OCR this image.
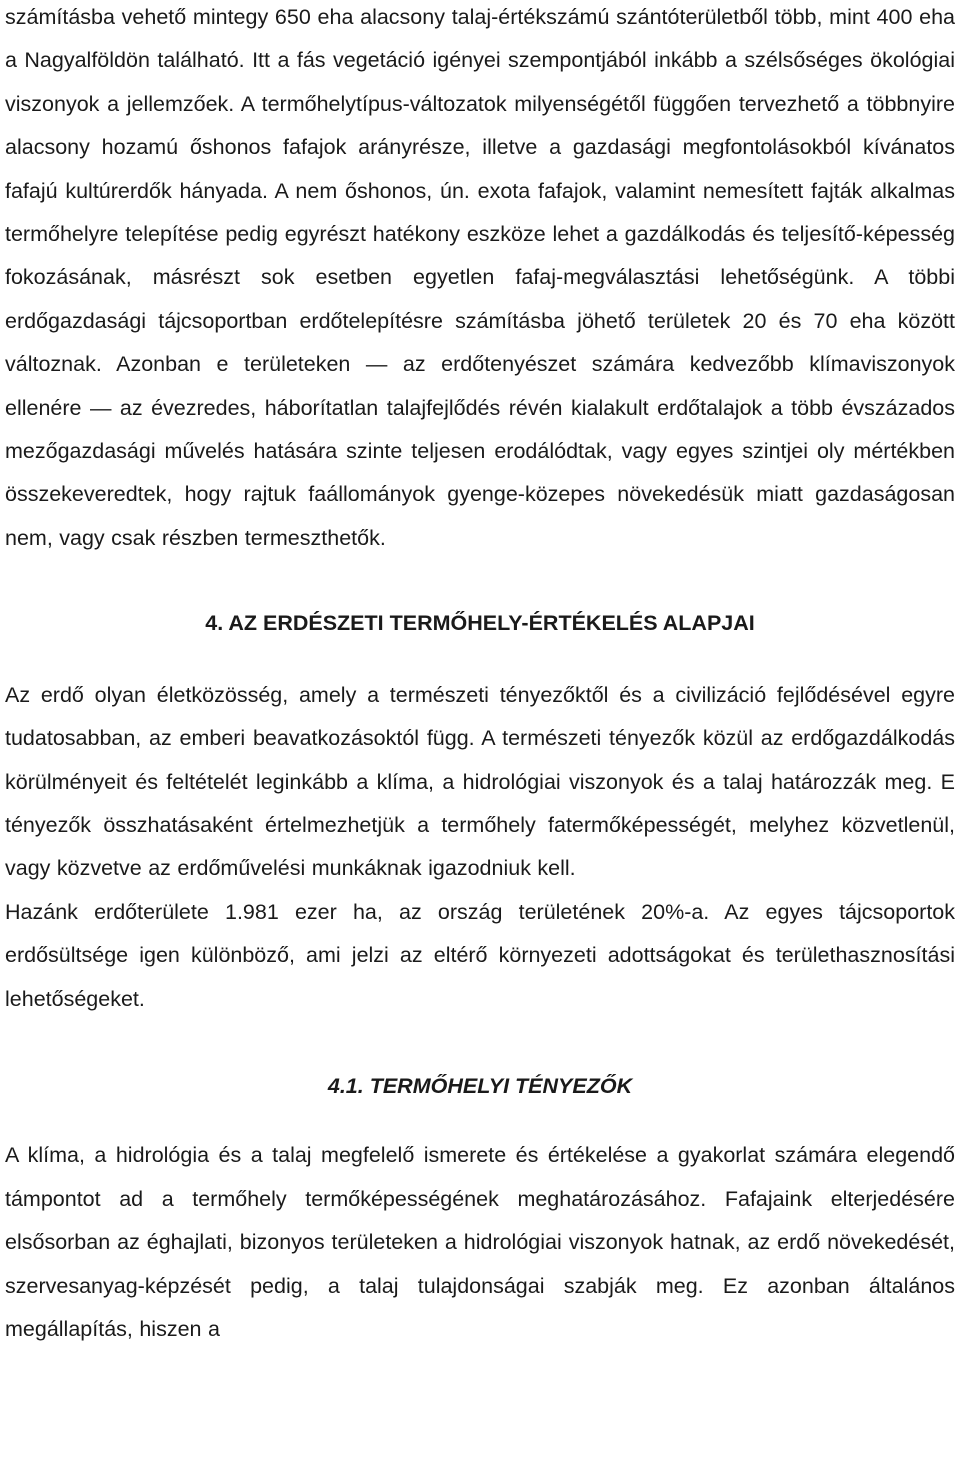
számításba vehető mintegy 650 eha alacsony talaj-értékszámú szántóterületből több, mint 400 eha a Nagyalföldön található. Itt a fás vegetáció igényei szempontjából inkább a szélsőséges ökológiai viszonyok a jellemzőek. A termőhelytípus-változatok milyenségétől függően tervezhető a többnyire alacsony hozamú őshonos fafajok arányrésze, illetve a gazdasági megfontolásokból kívánatos fafajú kultúrerdők hányada. A nem őshonos, ún. exota fafajok, valamint nemesített fajták alkalmas termőhelyre telepítése pedig egyrészt hatékony eszköze lehet a gazdálkodás és teljesítő-képesség fokozásának, másrészt sok esetben egyetlen fafaj-megválasztási lehetőségünk. A többi erdőgazdasági tájcsoportban erdőtelepítésre számításba jöhető területek 20 és 70 eha között változnak. Azonban e területeken — az erdőtenyészet számára kedvezőbb klímaviszonyok ellenére — az évezredes, háborítatlan talajfejlődés révén kialakult erdőtalajok a több évszázados mezőgazdasági művelés hatására szinte teljesen erodálódtak, vagy egyes szintjei oly mértékben összekeveredtek, hogy rajtuk faállományok gyenge-közepes növekedésük miatt gazdaságosan nem, vagy csak részben termeszthetők.

4. AZ ERDÉSZETI TERMŐHELY-ÉRTÉKELÉS ALAPJAI

Az erdő olyan életközösség, amely a természeti tényezőktől és a civilizáció fejlődésével egyre tudatosabban, az emberi beavatkozásoktól függ. A természeti tényezők közül az erdőgazdálkodás körülményeit és feltételét leginkább a klíma, a hidrológiai viszonyok és a talaj határozzák meg. E tényezők összhatásaként értelmezhetjük a termőhely fatermőképességét, melyhez közvetlenül, vagy közvetve az erdőművelési munkáknak igazodniuk kell.

Hazánk erdőterülete 1.981 ezer ha, az ország területének 20%-a. Az egyes tájcsoportok erdősültsége igen különböző, ami jelzi az eltérő környezeti adottságokat és területhasznosítási lehetőségeket.

4.1. TERMŐHELYI TÉNYEZŐK

A klíma, a hidrológia és a talaj megfelelő ismerete és értékelése a gyakorlat számára elegendő támpontot ad a termőhely termőképességének meghatározásához. Fafajaink elterjedésére elsősorban az éghajlati, bizonyos területeken a hidrológiai viszonyok hatnak, az erdő növekedését, szervesanyag-képzését pedig, a talaj tulajdonságai szabják meg. Ez azonban általános megállapítás, hiszen a
